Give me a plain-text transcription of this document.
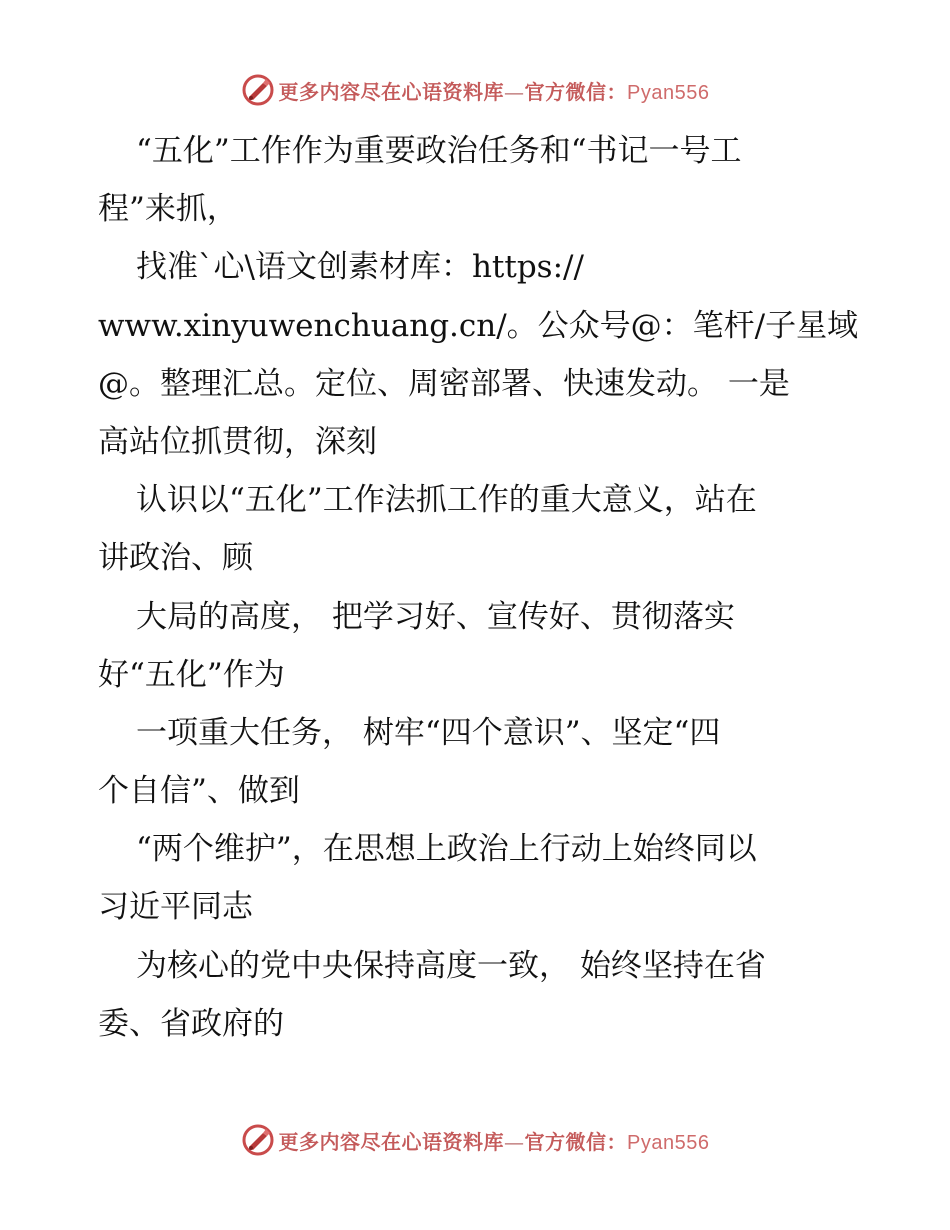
更多内容尽在心语资料库—官方微信：Pyan556
“五化”工作作为重要政治任务和“书记一号工
程”来抓，
找准`心\语文创素材库：https://
www.xinyuwenchuang.cn/。公众号@：笔杆/子星域
@。整理汇总。定位、周密部署、快速发动。 一是
高站位抓贯彻，深刻
认识以“五化”工作法抓工作的重大意义，站在
讲政治、顾
大局的高度， 把学习好、宣传好、贯彻落实
好“五化”作为
一项重大任务， 树牢“四个意识”、坚定“四
个自信”、做到
“两个维护”，在思想上政治上行动上始终同以
习近平同志
为核心的党中央保持高度一致， 始终坚持在省
委、省政府的
更多内容尽在心语资料库—官方微信：Pyan556
